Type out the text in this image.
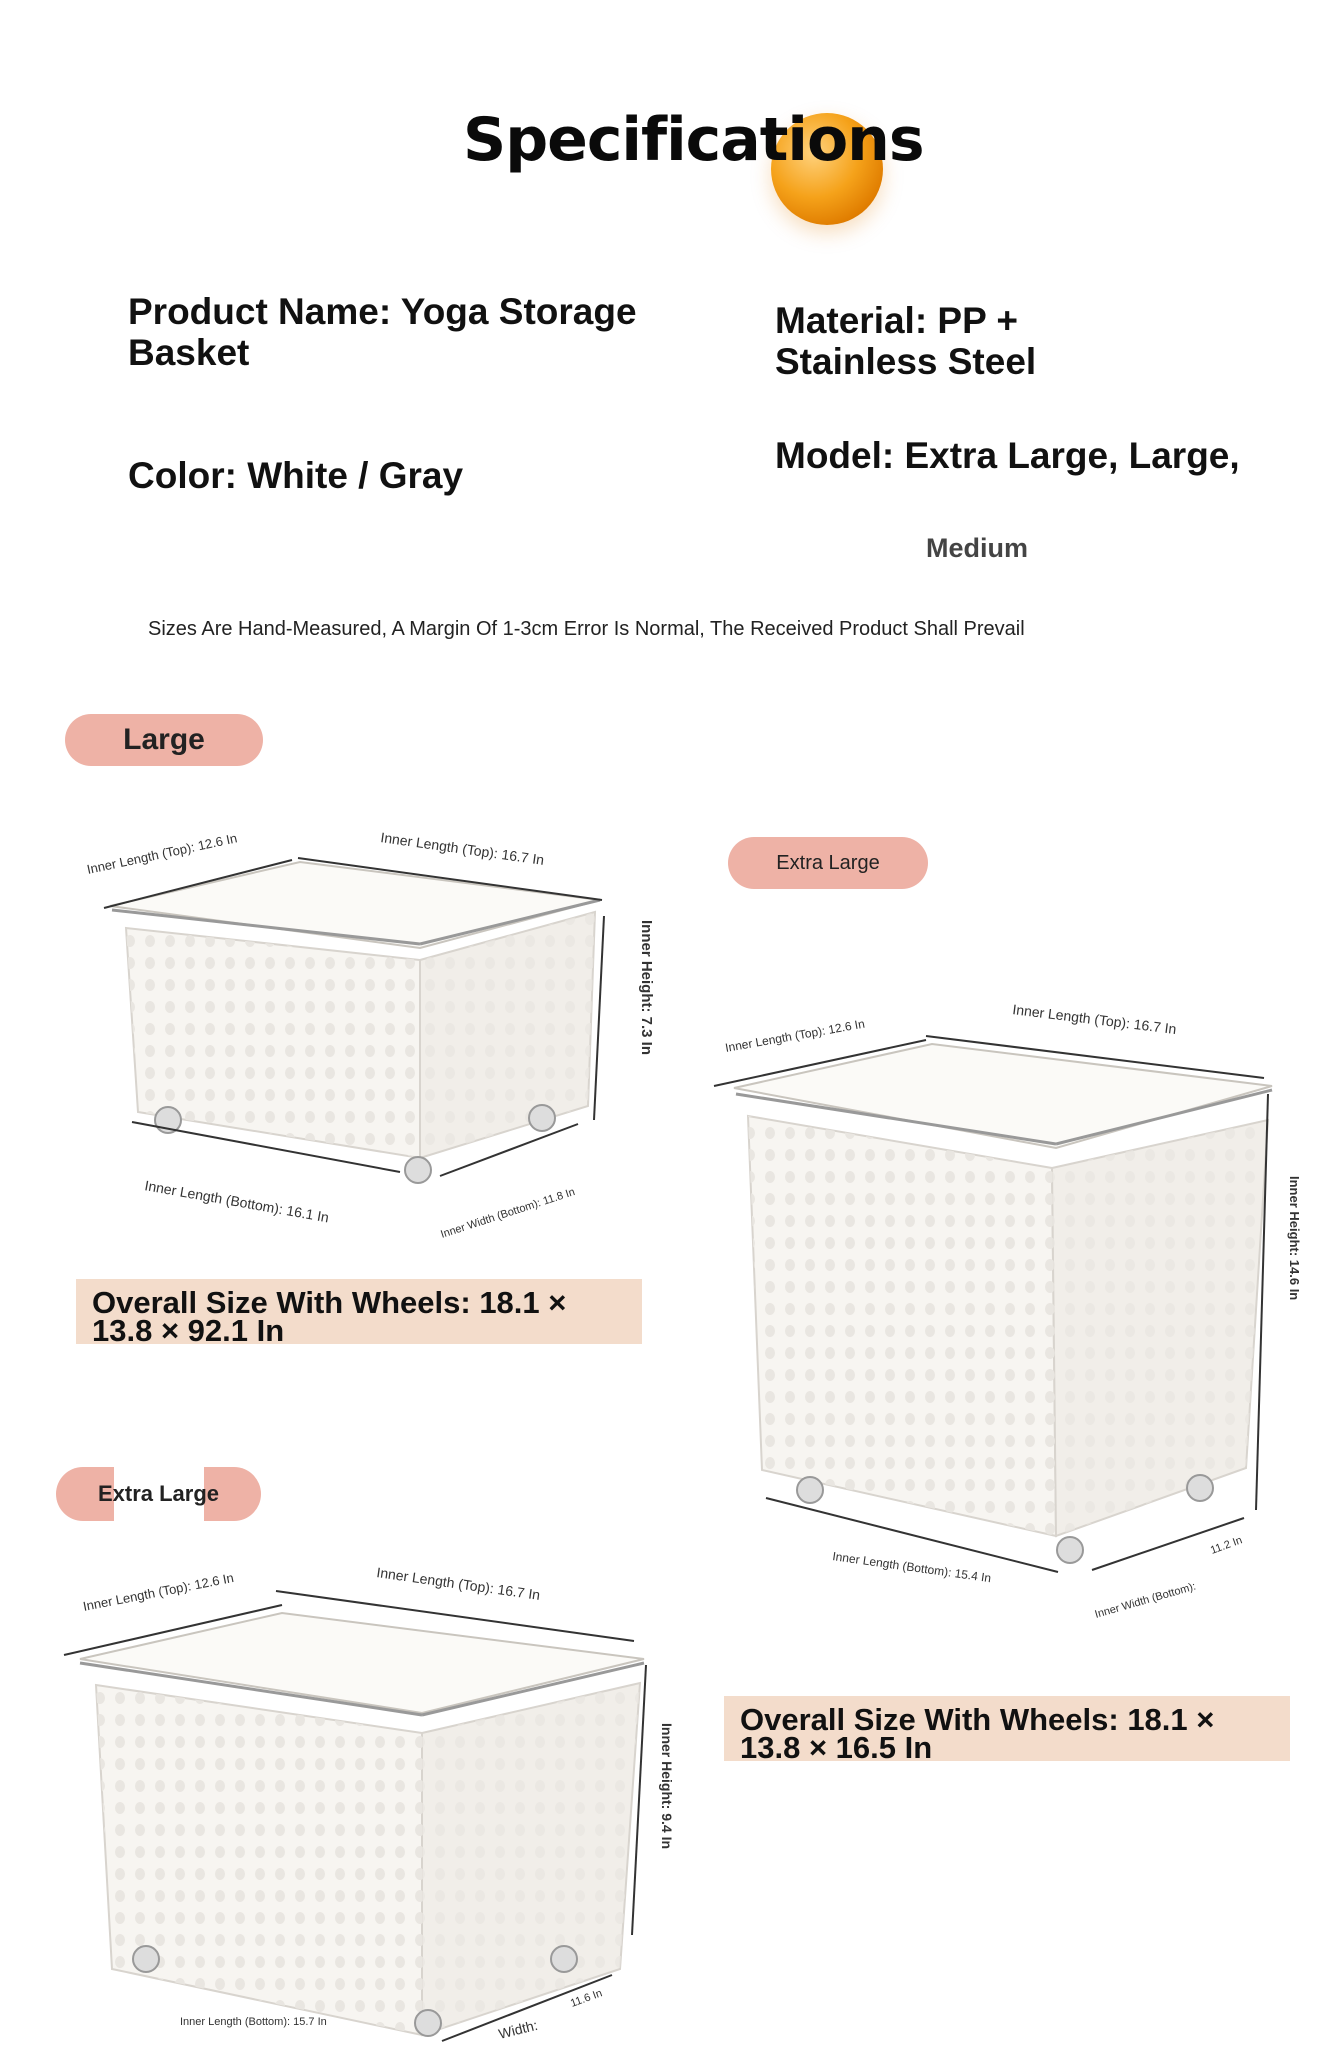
Specifications
Product Name: Yoga Storage Basket
Material: PP + Stainless Steel
Color: White / Gray	Model: Extra Large, Large,
Medium
Sizes Are Hand-Measured, A Margin Of 1-3cm Error Is Normal, The Received Product Shall Prevail
Large
Inner Length (Top): 12.6 In	Inner Length (Top): 16.7 In
Inner Height: 7.3 In
Inner Length (Bottom): 16.1 In	Inner Width (Bottom): 11.8 In
Overall Size With Wheels: 18.1 × 13.8 × 92.1 In
Extra Large
Inner Length (Top): 12.6 In	Inner Length (Top): 16.7 In
Inner Height: 14.6 In
Inner Length (Bottom): 15.4 In
Inner Width (Bottom):
11.2 In
Overall Size With Wheels: 18.1 × 13.8 × 16.5 In
Extra Large
Inner Length (Top): 12.6 In	Inner Length (Top): 16.7 In
Inner Height: 9.4 In
Inner Length (Bottom): 15.7 In	Width:
11.6 In
